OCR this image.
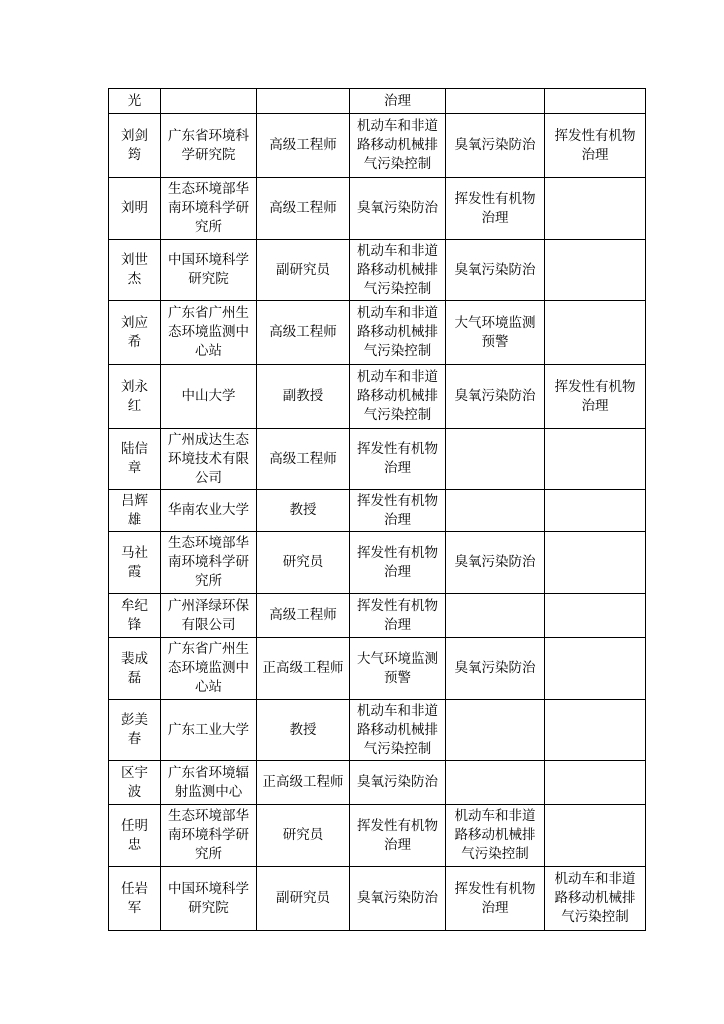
光			治理		

刘剑
筠	广东省环境科
学研究院	高级工程师	机动车和非道
路移动机械排
气污染控制	臭氧污染防治	挥发性有机物
治理

刘明	生态环境部华
南环境科学研
究所	高级工程师	臭氧污染防治	挥发性有机物
治理	

刘世
杰	中国环境科学
研究院	副研究员	机动车和非道
路移动机械排
气污染控制	臭氧污染防治	

刘应
希	广东省广州生
态环境监测中
心站	高级工程师	机动车和非道
路移动机械排
气污染控制	大气环境监测
预警	

刘永
红	中山大学	副教授	机动车和非道
路移动机械排
气污染控制	臭氧污染防治	挥发性有机物
治理

陆信
章	广州成达生态
环境技术有限
公司	高级工程师	挥发性有机物
治理		

吕辉
雄	华南农业大学	教授	挥发性有机物
治理		

马社
霞	生态环境部华
南环境科学研
究所	研究员	挥发性有机物
治理	臭氧污染防治	

牟纪
锋	广州泽绿环保
有限公司	高级工程师	挥发性有机物
治理		

裴成
磊	广东省广州生
态环境监测中
心站	正高级工程师	大气环境监测
预警	臭氧污染防治	

彭美
春	广东工业大学	教授	机动车和非道
路移动机械排
气污染控制		

区宇
波	广东省环境辐
射监测中心	正高级工程师	臭氧污染防治		

任明
忠	生态环境部华
南环境科学研
究所	研究员	挥发性有机物
治理	机动车和非道
路移动机械排
气污染控制	

任岩
军	中国环境科学
研究院	副研究员	臭氧污染防治	挥发性有机物
治理	机动车和非道
路移动机械排
气污染控制
